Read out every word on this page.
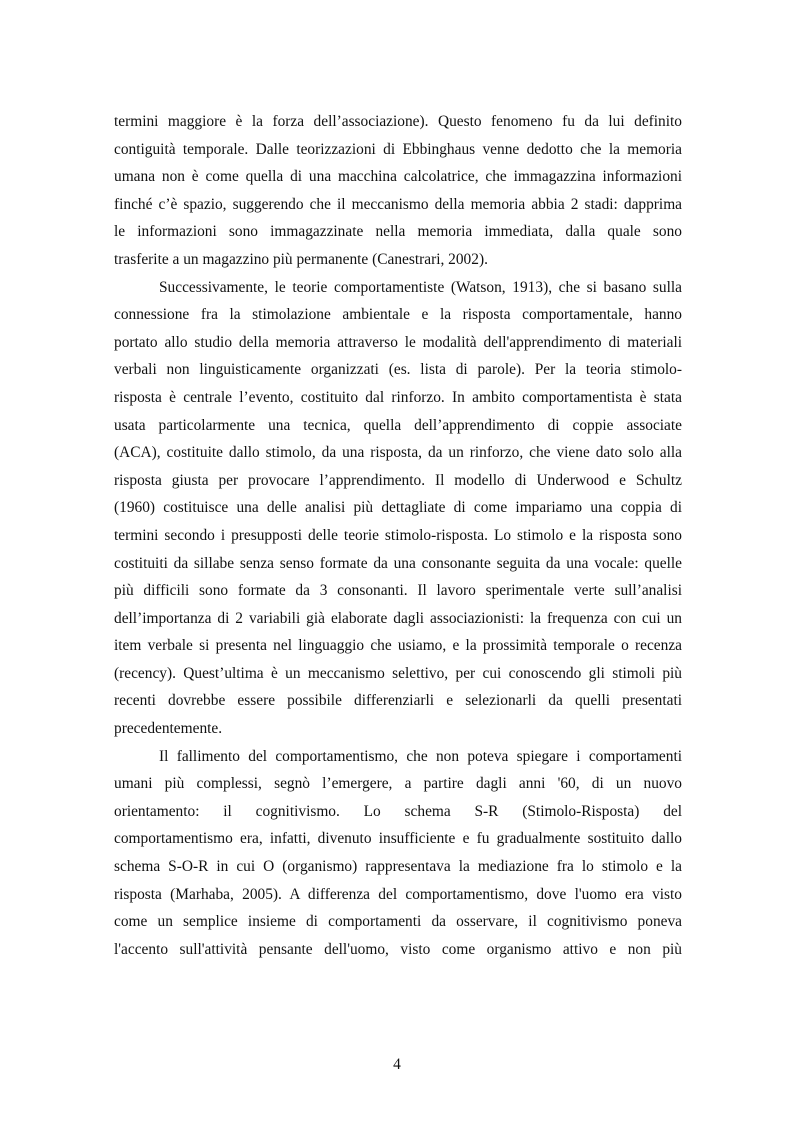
termini maggiore è la forza dell’associazione). Questo fenomeno fu da lui definito
contiguità temporale. Dalle teorizzazioni di Ebbinghaus venne dedotto che la memoria
umana non è come quella di una macchina calcolatrice, che immagazzina informazioni
finché c’è spazio, suggerendo che il meccanismo della memoria abbia 2 stadi: dapprima
le informazioni sono immagazzinate nella memoria immediata, dalla quale sono
trasferite a un magazzino più permanente (Canestrari, 2002).
Successivamente, le teorie comportamentiste (Watson, 1913), che si basano sulla
connessione fra la stimolazione ambientale e la risposta comportamentale, hanno
portato allo studio della memoria attraverso le modalità dell'apprendimento di materiali
verbali non linguisticamente organizzati (es. lista di parole). Per la teoria stimolo-
risposta è centrale l’evento, costituito dal rinforzo. In ambito comportamentista è stata
usata particolarmente una tecnica, quella dell’apprendimento di coppie associate
(ACA), costituite dallo stimolo, da una risposta, da un rinforzo, che viene dato solo alla
risposta giusta per provocare l’apprendimento. Il modello di Underwood e Schultz
(1960) costituisce una delle analisi più dettagliate di come impariamo una coppia di
termini secondo i presupposti delle teorie stimolo-risposta. Lo stimolo e la risposta sono
costituiti da sillabe senza senso formate da una consonante seguita da una vocale: quelle
più difficili sono formate da 3 consonanti. Il lavoro sperimentale verte sull’analisi
dell’importanza di 2 variabili già elaborate dagli associazionisti: la frequenza con cui un
item verbale si presenta nel linguaggio che usiamo, e la prossimità temporale o recenza
(recency). Quest’ultima è un meccanismo selettivo, per cui conoscendo gli stimoli più
recenti dovrebbe essere possibile differenziarli e selezionarli da quelli presentati
precedentemente.
Il fallimento del comportamentismo, che non poteva spiegare i comportamenti
umani più complessi, segnò l’emergere, a partire dagli anni '60, di un nuovo
orientamento: il cognitivismo. Lo schema S-R (Stimolo-Risposta) del
comportamentismo era, infatti, divenuto insufficiente e fu gradualmente sostituito dallo
schema S-O-R in cui O (organismo) rappresentava la mediazione fra lo stimolo e la
risposta (Marhaba, 2005). A differenza del comportamentismo, dove l'uomo era visto
come un semplice insieme di comportamenti da osservare, il cognitivismo poneva
l'accento sull'attività pensante dell'uomo, visto come organismo attivo e non più
4
